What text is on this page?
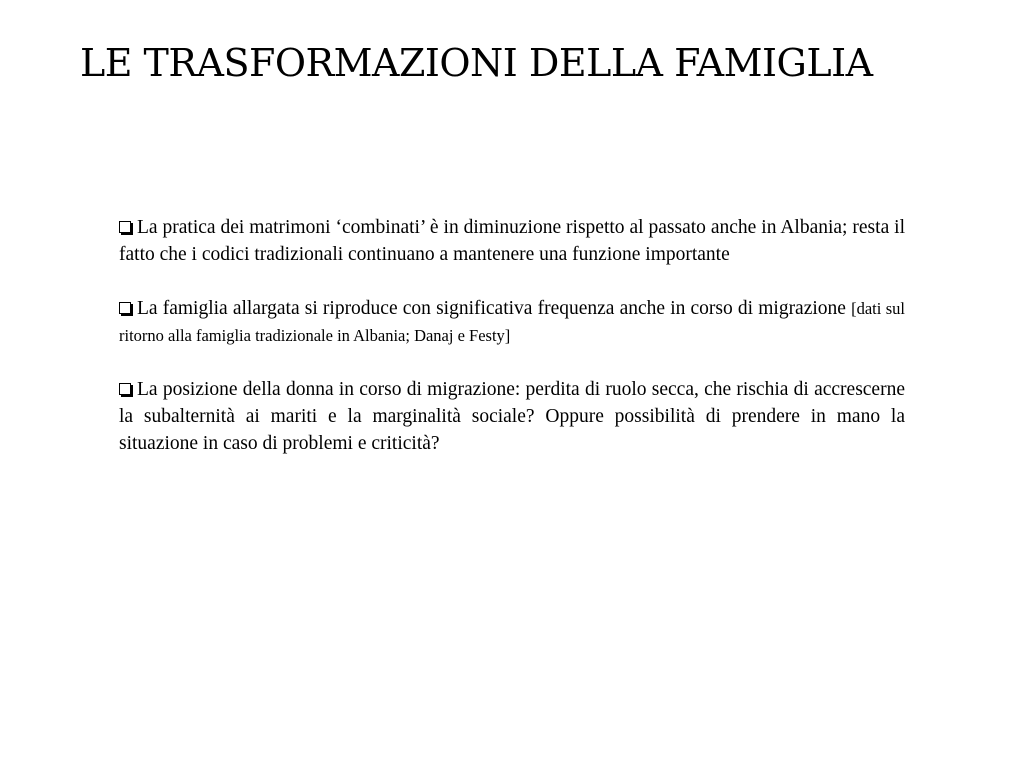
LE TRASFORMAZIONI DELLA FAMIGLIA

La pratica dei matrimoni ‘combinati’ è in diminuzione rispetto al passato anche in Albania; resta il fatto che i codici tradizionali continuano a mantenere una funzione importante

La famiglia allargata si riproduce con significativa frequenza anche in corso di migrazione [dati sul ritorno alla famiglia tradizionale in Albania; Danaj e Festy]

La posizione della donna in corso di migrazione: perdita di ruolo secca, che rischia di accrescerne la subalternità ai mariti e la marginalità sociale? Oppure possibilità di prendere in mano la situazione in caso di problemi e criticità?
